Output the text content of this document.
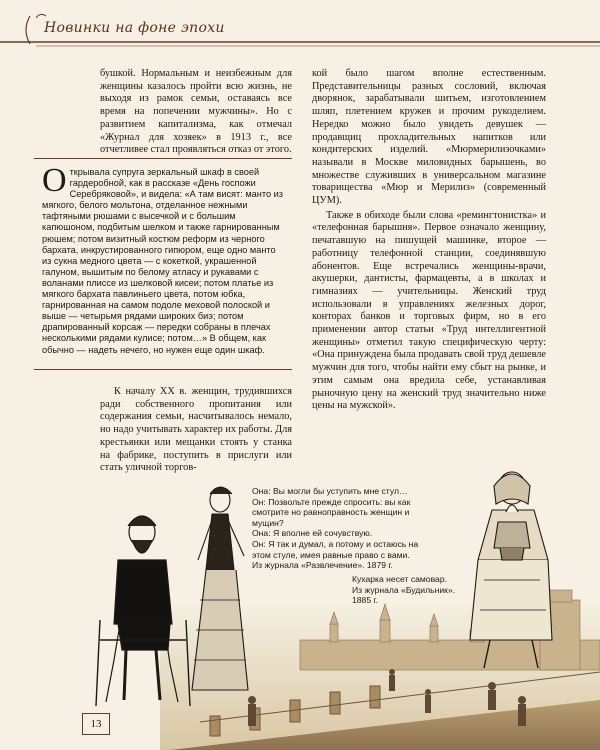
Новинки на фоне эпохи

бушкой. Нормальным и неизбежным для женщины казалось пройти всю жизнь, не выходя из рамок семьи, оставаясь все время на попечении мужчины». Но с развитием капитализма, как отмечал «Журнал для хозяек» в 1913 г., все отчетливее стал проявляться отказ от этого.

Открывала супруга зеркальный шкаф в своей гардеробной, как в рассказе «День госпожи Серебряковой», и видела: «А там висят: манто из мягкого, белого мольтона, отделанное нежными тафтяными рюшами с высечкой и с большим капюшоном, подбитым шелком и также гарнированным рюшем; потом визитный костюм реформ из черного бархата, инкрустированного гипюром, еще одно манто из сукна медного цвета — с кокеткой, украшенной галуном, вышитым по белому атласу и рукавами с воланами плиссе из шелковой кисеи; потом платье из мягкого бархата павлиньего цвета, потом юбка, гарнированная на самом подоле меховой полоской и выше — четырьмя рядами широких биэ; потом драпированный корсаж — передки собраны в плечах несколькими рядами кулисе; потом…» В общем, как обычно — надеть нечего, но нужен еще один шкаф.

кой было шагом вполне естественным. Представительницы разных сословий, включая дворянок, зарабатывали шитьем, изготовлением шляп, плетением кружев и прочим рукоделием. Нередко можно было увидеть девушек — продавщиц прохладительных напитков или кондитерских изделий. «Мюрмерилизочками» называли в Москве миловидных барышень, во множестве служивших в универсальном магазине товарищества «Мюр и Мерилиз» (современный ЦУМ).

Также в обиходе были слова «ремингтонистка» и «телефонная барышня». Первое означало женщину, печатавшую на пишущей машинке, второе — работницу телефонной станции, соединявшую абонентов. Еще встречались женщины-врачи, акушерки, дантисты, фармацевты, а в школах и гимназиях — учительницы. Женский труд использовали в управлениях железных дорог, конторах банков и торговых фирм, но в его применении автор статьи «Труд интеллигентной женщины» отметил такую специфическую черту: «Она принуждена была продавать свой труд дешевле мужчин для того, чтобы найти ему сбыт на рынке, и этим самым она вредила себе, устанавливая рыночную цену на женский труд значительно ниже цены на мужской».

К началу XX в. женщин, трудившихся ради собственного пропитания или содержания семьи, насчитывалось немало, но надо учитывать характер их работы. Для крестьянки или мещанки стоять у станка на фабрике, поступить в прислуги или стать уличной торгов-

Она: Вы могли бы уступить мне стул…
Он: Позвольте прежде спросить: вы как смотрите но равноправность женщин и мущин?
Она: Я вполне ей сочувствую.
Он: Я так и думал, а потому и остаюсь на этом стуле, имея равные право с вами.
Из журнала «Развлечение». 1879 г.
Кухарка несет самовар.
Из журнала «Будильник».
1885 г.
13
